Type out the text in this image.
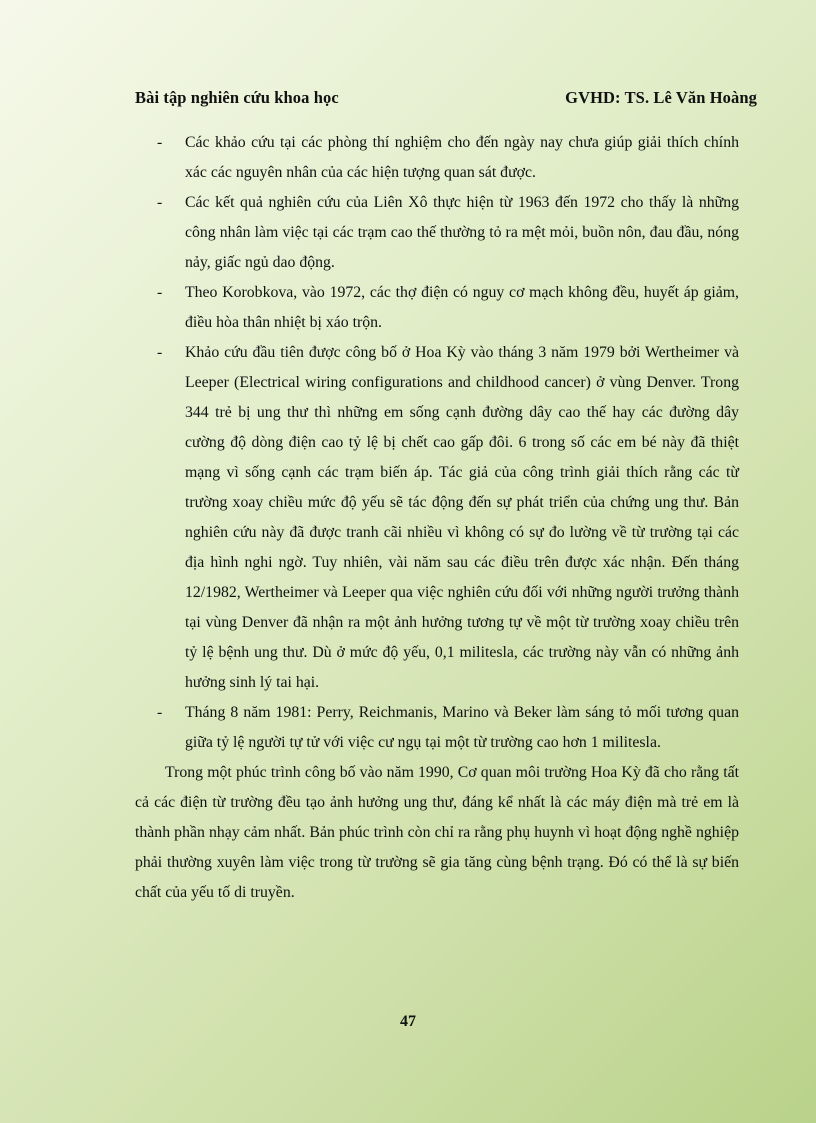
Bài tập nghiên cứu khoa học	GVHD: TS. Lê Văn Hoàng
- Các khảo cứu tại các phòng thí nghiệm cho đến ngày nay chưa giúp giải thích chính xác các nguyên nhân của các hiện tượng quan sát được.
- Các kết quả nghiên cứu của Liên Xô thực hiện từ 1963 đến 1972 cho thấy là những công nhân làm việc tại các trạm cao thế thường tỏ ra mệt mỏi, buồn nôn, đau đầu, nóng nảy, giấc ngủ dao động.
- Theo Korobkova, vào 1972, các thợ điện có nguy cơ mạch không đều, huyết áp giảm, điều hòa thân nhiệt bị xáo trộn.
- Khảo cứu đầu tiên được công bố ở Hoa Kỳ vào tháng 3 năm 1979 bởi Wertheimer và Leeper (Electrical wiring configurations and childhood cancer) ở vùng Denver. Trong 344 trẻ bị ung thư thì những em sống cạnh đường dây cao thế hay các đường dây cường độ dòng điện cao tỷ lệ bị chết cao gấp đôi. 6 trong số các em bé này đã thiệt mạng vì sống cạnh các trạm biến áp. Tác giả của công trình giải thích rằng các từ trường xoay chiều mức độ yếu sẽ tác động đến sự phát triển của chứng ung thư. Bản nghiên cứu này đã được tranh cãi nhiều vì không có sự đo lường về từ trường tại các địa hình nghi ngờ. Tuy nhiên, vài năm sau các điều trên được xác nhận. Đến tháng 12/1982, Wertheimer và Leeper qua việc nghiên cứu đối với những người trưởng thành tại vùng Denver đã nhận ra một ảnh hưởng tương tự về một từ trường xoay chiều trên tỷ lệ bệnh ung thư. Dù ở mức độ yếu, 0,1 militesla, các trường này vẫn có những ảnh hưởng sinh lý tai hại.
- Tháng 8 năm 1981: Perry, Reichmanis, Marino và Beker làm sáng tỏ mối tương quan giữa tỷ lệ người tự tử với việc cư ngụ tại một từ trường cao hơn 1 militesla.

Trong một phúc trình công bố vào năm 1990, Cơ quan môi trường Hoa Kỳ đã cho rằng tất cả các điện từ trường đều tạo ảnh hưởng ung thư, đáng kể nhất là các máy điện mà trẻ em là thành phần nhạy cảm nhất. Bản phúc trình còn chỉ ra rằng phụ huynh vì hoạt động nghề nghiệp phải thường xuyên làm việc trong từ trường sẽ gia tăng cùng bệnh trạng. Đó có thể là sự biến chất của yếu tố di truyền.

47
